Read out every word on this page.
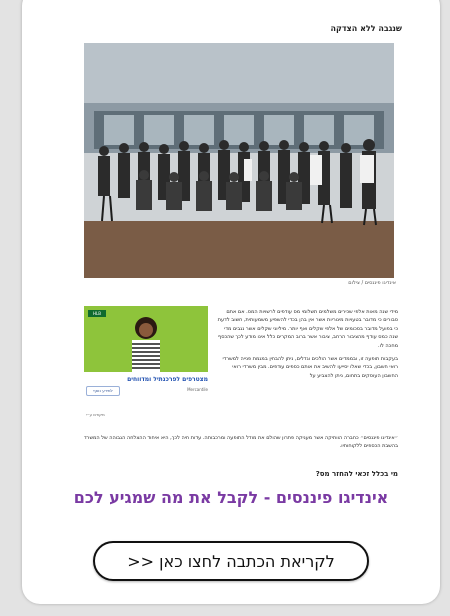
שנגבה ללא הצדקה

אינדיגו פיננסים / צילום

HLB

מצטרפים לפרכנתיל ומדווחים

Mercantile

למידע נוסף

מקודם ע״י

מידי שנה מאות אלפי שכירים משלמים תשלומי מס עודפים לרשויות המס. אם אתם סבורים כי מדובר בטעויות מינוריות אשר אין בהן בכדי להשפיע משמעותית, חשוב לדעת כי בפועל מדובר בסכומים של אלפי שקלים ואף יותר. מיליוני שקלים אשר נגבים מדי שנה כמס עודף מהציבור הרחב, ציבור אשר ברוב המקרים כלל אינו מודע לכך שהכסף מחכה לו.

בעקבות תופעה זו, ובממדים אשר הולכים וגדלים, ניתן להבחין במגמת פנייה למשרדי רואי חשבון, בכדי שאלו יסייעו להשיב את אותם כספים עודפים. מבין משרדי רואי החשבון העוסקים בתחום, ניתן להצביע על

״אינדיגו פיננסים״ כחברה הוותיקה אשר מעניקה פתרון שהולם את מודל התופעה ומרכבותה. עדות חיה לכך, היא איחוד ההצלחה הגבוהה של המשרד בהשבת הכספים ללקוחותיו.

מי בכלל זכאי להחזר מס?

אינדיגו פיננסים - לקבל את מה שמגיע לכם
לקריאת הכתבה לחצו כאן <<
